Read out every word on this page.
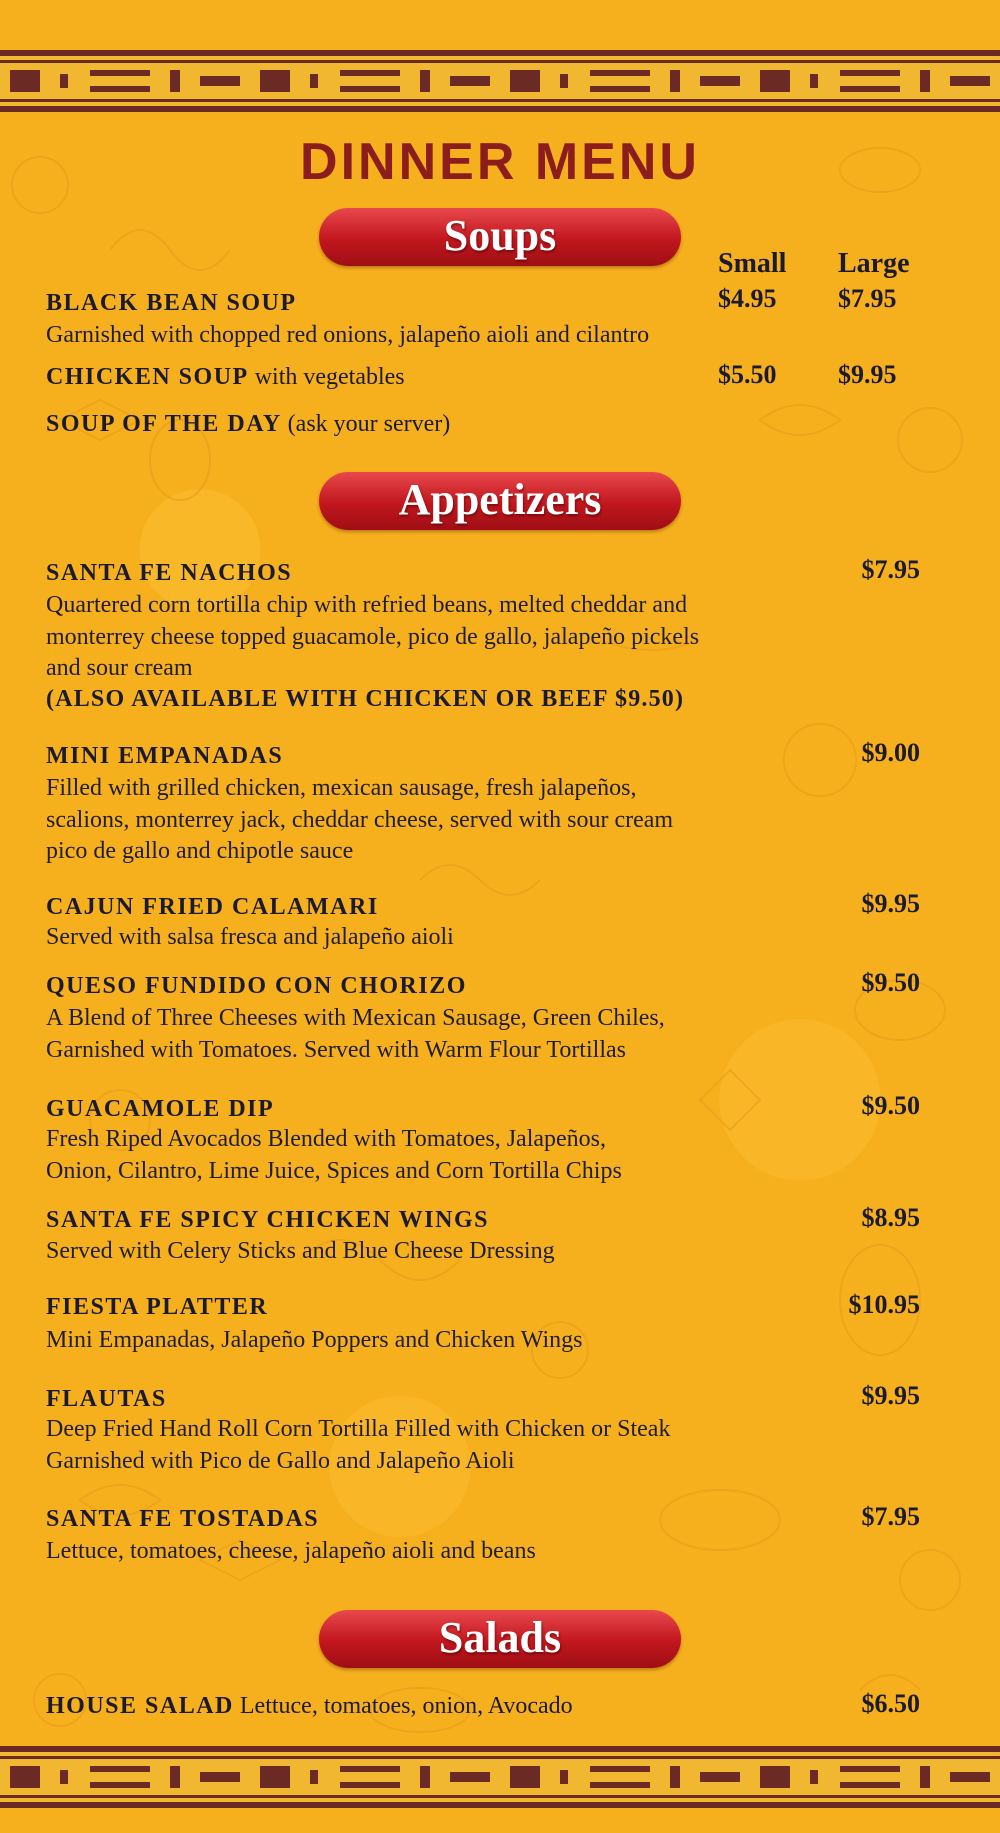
DINNER MENU
Soups
Small Large
BLACK BEAN SOUP	$4.95 $7.95
Garnished with chopped red onions, jalapeño aioli and cilantro
CHICKEN SOUP with vegetables	$5.50 $9.95
SOUP OF THE DAY (ask your server)
Appetizers
SANTA FE NACHOS	$7.95
Quartered corn tortilla chip with refried beans, melted cheddar and
monterrey cheese topped guacamole, pico de gallo, jalapeño pickels
and sour cream
(ALSO AVAILABLE WITH CHICKEN OR BEEF $9.50)
MINI EMPANADAS	$9.00
Filled with grilled chicken, mexican sausage, fresh jalapeños,
scalions, monterrey jack, cheddar cheese, served with sour cream
pico de gallo and chipotle sauce
CAJUN FRIED CALAMARI	$9.95
Served with salsa fresca and jalapeño aioli
QUESO FUNDIDO CON CHORIZO	$9.50
A Blend of Three Cheeses with Mexican Sausage, Green Chiles,
Garnished with Tomatoes. Served with Warm Flour Tortillas
GUACAMOLE DIP	$9.50
Fresh Riped Avocados Blended with Tomatoes, Jalapeños,
Onion, Cilantro, Lime Juice, Spices and Corn Tortilla Chips
SANTA FE SPICY CHICKEN WINGS	$8.95
Served with Celery Sticks and Blue Cheese Dressing
FIESTA PLATTER	$10.95
Mini Empanadas, Jalapeño Poppers and Chicken Wings
FLAUTAS	$9.95
Deep Fried Hand Roll Corn Tortilla Filled with Chicken or Steak
Garnished with Pico de Gallo and Jalapeño Aioli
SANTA FE TOSTADAS	$7.95
Lettuce, tomatoes, cheese, jalapeño aioli and beans
Salads
HOUSE SALAD Lettuce, tomatoes, onion, Avocado	$6.50
